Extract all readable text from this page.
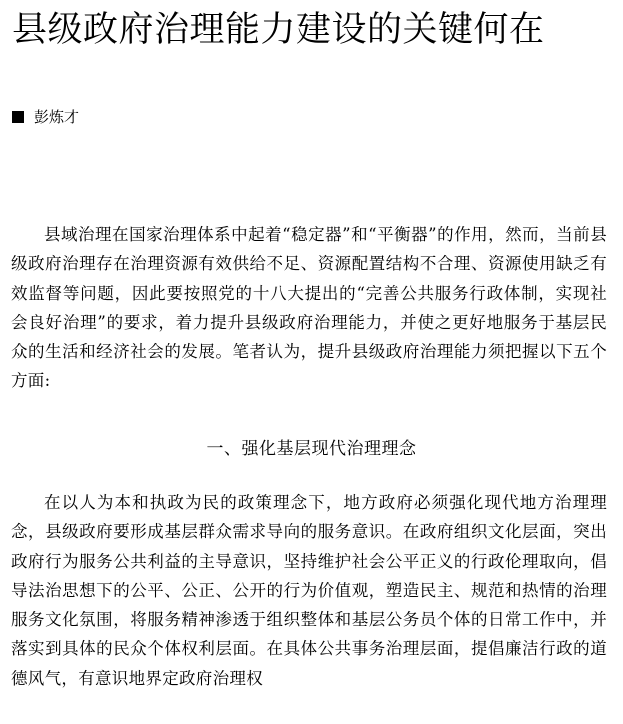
县级政府治理能力建设的关键何在
彭炼才

县域治理在国家治理体系中起着“稳定器”和“平衡器”的作用，然而，当前县级政府治理存在治理资源有效供给不足、资源配置结构不合理、资源使用缺乏有效监督等问题，因此要按照党的十八大提出的“完善公共服务行政体制，实现社会良好治理”的要求，着力提升县级政府治理能力，并使之更好地服务于基层民众的生活和经济社会的发展。笔者认为，提升县级政府治理能力须把握以下五个方面:

一、强化基层现代治理理念

在以人为本和执政为民的政策理念下，地方政府必须强化现代地方治理理念，县级政府要形成基层群众需求导向的服务意识。在政府组织文化层面，突出政府行为服务公共利益的主导意识，坚持维护社会公平正义的行政伦理取向，倡导法治思想下的公平、公正、公开的行为价值观，塑造民主、规范和热情的治理服务文化氛围，将服务精神渗透于组织整体和基层公务员个体的日常工作中，并落实到具体的民众个体权利层面。在具体公共事务治理层面，提倡廉洁行政的道德风气，有意识地界定政府治理权
